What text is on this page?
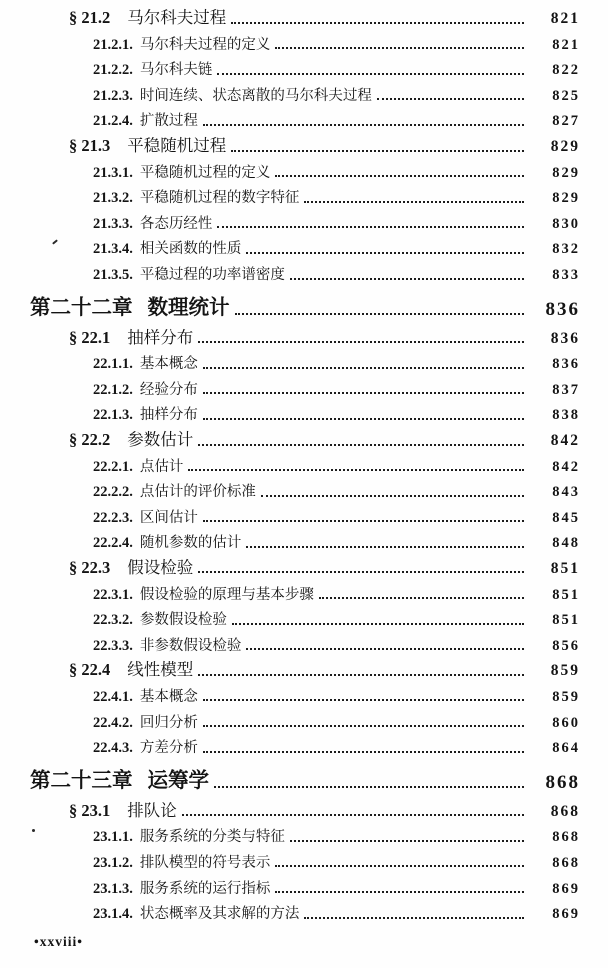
§ 21.2 马尔科夫过程	821
21.2.1. 马尔科夫过程的定义	821
21.2.2. 马尔科夫链	822
21.2.3. 时间连续、状态离散的马尔科夫过程	825
21.2.4. 扩散过程	827
§ 21.3 平稳随机过程	829
21.3.1. 平稳随机过程的定义	829
21.3.2. 平稳随机过程的数字特征	829
21.3.3. 各态历经性	830
21.3.4. 相关函数的性质	832
21.3.5. 平稳过程的功率谱密度	833
第二十二章 数理统计	836
§ 22.1 抽样分布	836
22.1.1. 基本概念	836
22.1.2. 经验分布	837
22.1.3. 抽样分布	838
§ 22.2 参数估计	842
22.2.1. 点估计	842
22.2.2. 点估计的评价标准	843
22.2.3. 区间估计	845
22.2.4. 随机参数的估计	848
§ 22.3 假设检验	851
22.3.1. 假设检验的原理与基本步骤	851
22.3.2. 参数假设检验	851
22.3.3. 非参数假设检验	856
§ 22.4 线性模型	859
22.4.1. 基本概念	859
22.4.2. 回归分析	860
22.4.3. 方差分析	864
第二十三章 运筹学	868
§ 23.1 排队论	868
23.1.1. 服务系统的分类与特征	868
23.1.2. 排队模型的符号表示	868
23.1.3. 服务系统的运行指标	869
23.1.4. 状态概率及其求解的方法	869
•xxviii•
